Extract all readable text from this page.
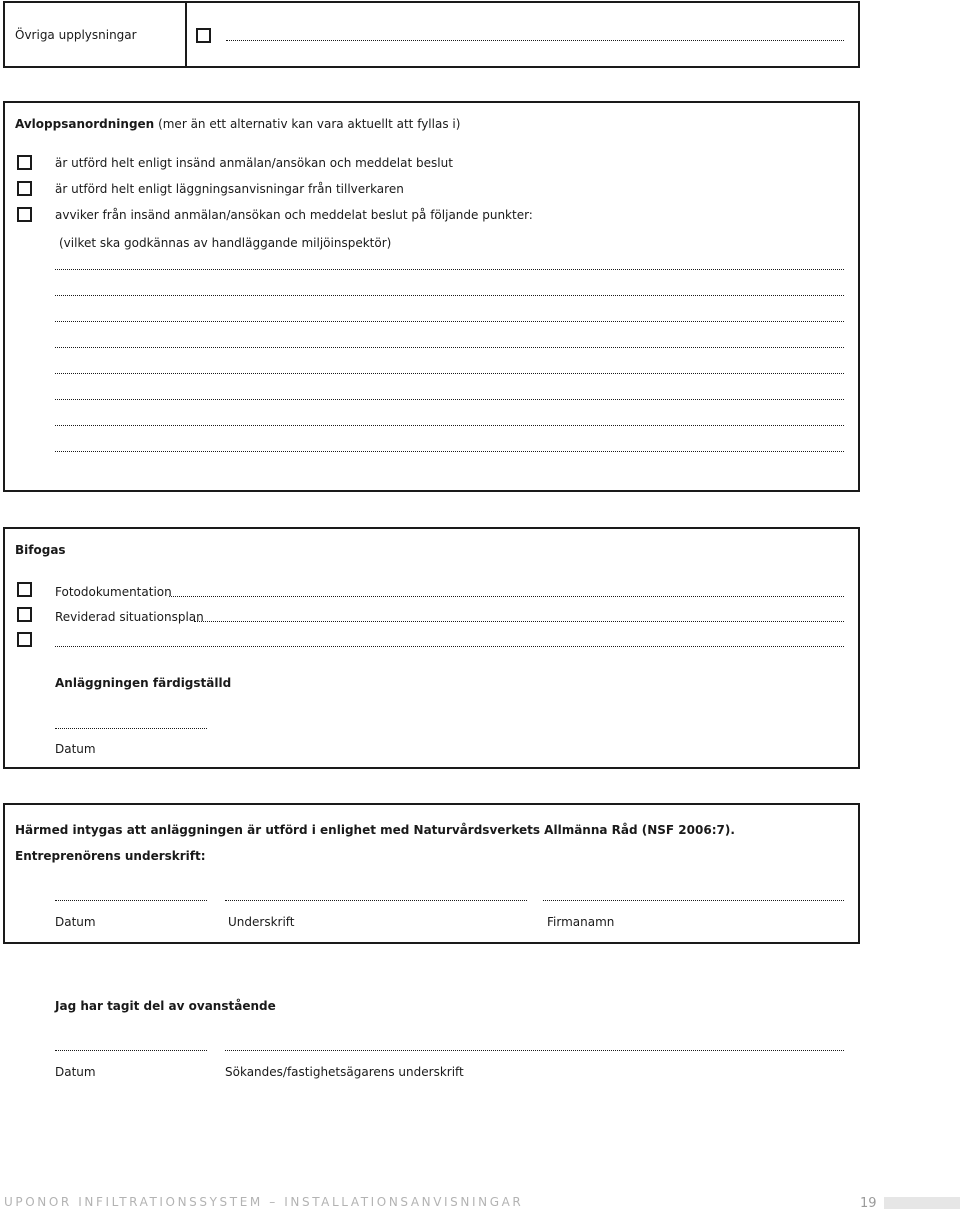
Övriga upplysningar
Avloppsanordningen (mer än ett alternativ kan vara aktuellt att fyllas i)
är utförd helt enligt insänd anmälan/ansökan och meddelat beslut
är utförd helt enligt läggningsanvisningar från tillverkaren
avviker från insänd anmälan/ansökan och meddelat beslut på följande punkter:
(vilket ska godkännas av handläggande miljöinspektör)
Bifogas
Fotodokumentation
Reviderad situationsplan
Anläggningen färdigställd
Datum
Härmed intygas att anläggningen är utförd i enlighet med Naturvårdsverkets Allmänna Råd (NSF 2006:7).
Entreprenörens underskrift:
Datum	Underskrift	Firmanamn
Jag har tagit del av ovanstående
Datum	Sökandes/fastighetsägarens underskrift
UPONOR INFILTRATIONSSYSTEM – INSTALLATIONSANVISNINGAR	19
